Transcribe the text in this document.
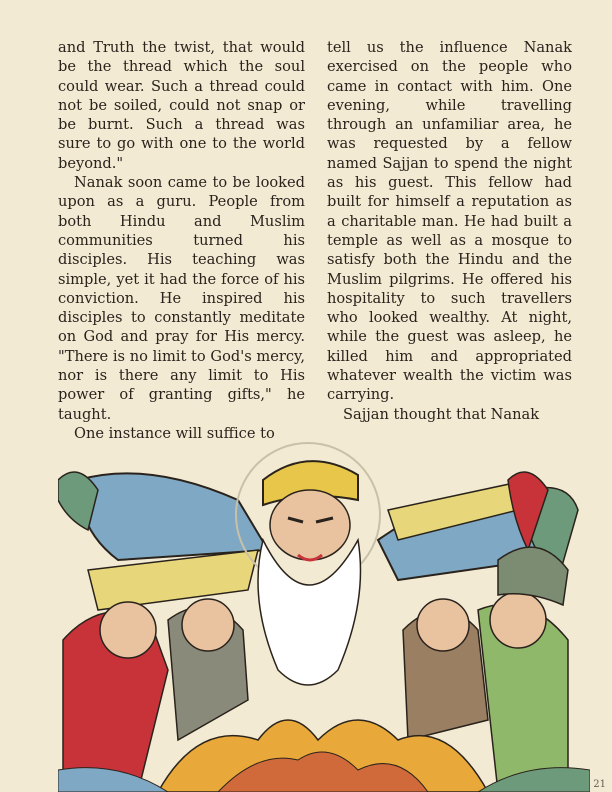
and Truth the twist, that would be the thread which the soul could wear. Such a thread could not be soiled, could not snap or be burnt. Such a thread was sure to go with one to the world beyond."

Nanak soon came to be looked upon as a guru. People from both Hindu and Muslim communities turned his disciples. His teaching was simple, yet it had the force of his conviction. He inspired his disciples to constantly meditate on God and pray for His mercy. "There is no limit to God's mercy, nor is there any limit to His power of granting gifts," he taught.

One instance will suffice to

tell us the influence Nanak exercised on the people who came in contact with him. One evening, while travelling through an unfamiliar area, he was requested by a fellow named Sajjan to spend the night as his guest. This fellow had built for himself a reputation as a charitable man. He had built a temple as well as a mosque to satisfy both the Hindu and the Muslim pilgrims. He offered his hospitality to such travellers who looked wealthy. At night, while the guest was asleep, he killed him and appropriated whatever wealth the victim was carrying.

Sajjan thought that Nanak

21
